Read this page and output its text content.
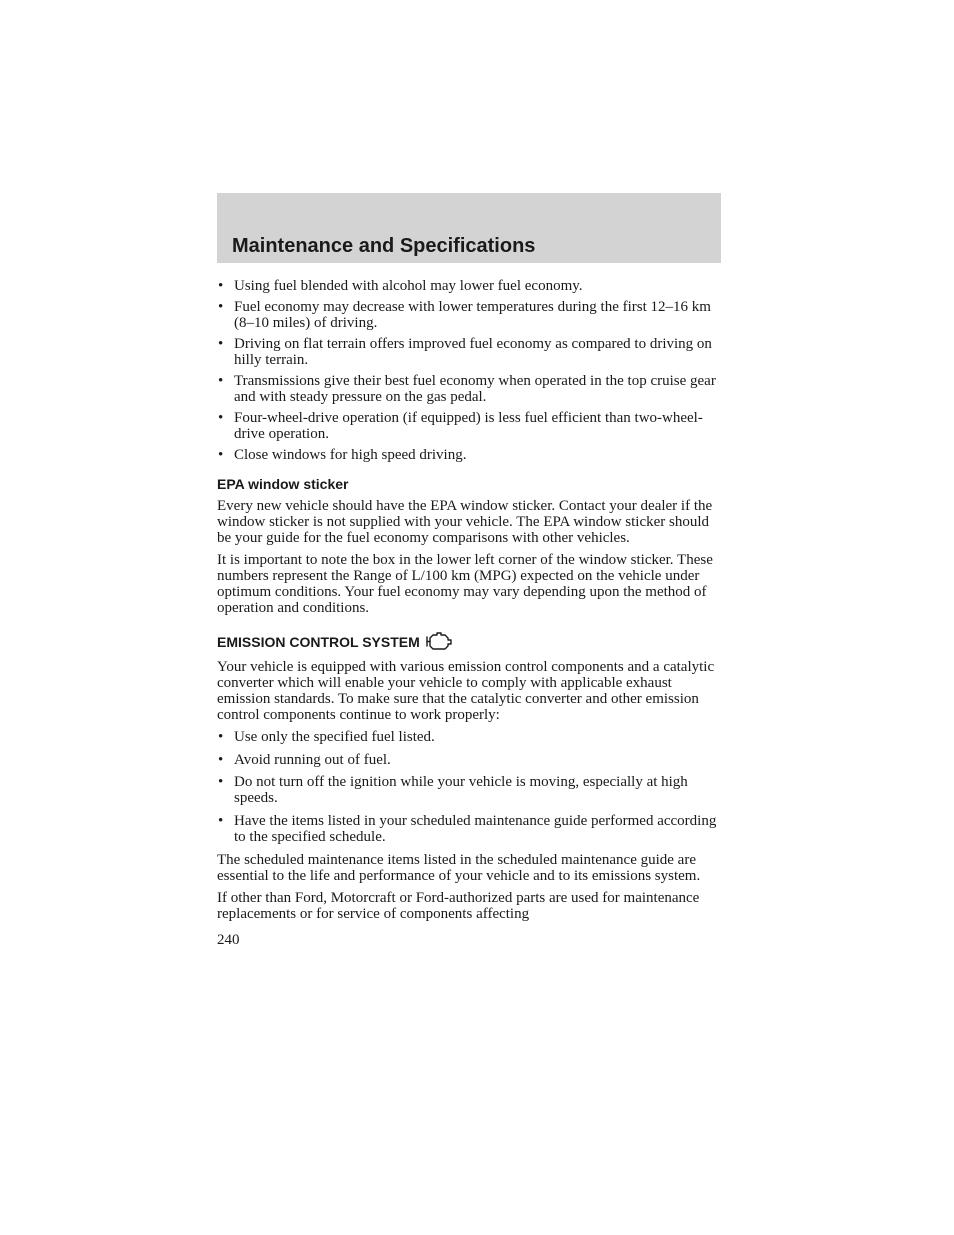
Maintenance and Specifications
• Using fuel blended with alcohol may lower fuel economy.
• Fuel economy may decrease with lower temperatures during the first 12–16 km (8–10 miles) of driving.
• Driving on flat terrain offers improved fuel economy as compared to driving on hilly terrain.
• Transmissions give their best fuel economy when operated in the top cruise gear and with steady pressure on the gas pedal.
• Four-wheel-drive operation (if equipped) is less fuel efficient than two-wheel-drive operation.
• Close windows for high speed driving.
EPA window sticker

Every new vehicle should have the EPA window sticker. Contact your dealer if the window sticker is not supplied with your vehicle. The EPA window sticker should be your guide for the fuel economy comparisons with other vehicles.

It is important to note the box in the lower left corner of the window sticker. These numbers represent the Range of L/100 km (MPG) expected on the vehicle under optimum conditions. Your fuel economy may vary depending upon the method of operation and conditions.

EMISSION CONTROL SYSTEM

Your vehicle is equipped with various emission control components and a catalytic converter which will enable your vehicle to comply with applicable exhaust emission standards. To make sure that the catalytic converter and other emission control components continue to work properly:

• Use only the specified fuel listed.
• Avoid running out of fuel.
• Do not turn off the ignition while your vehicle is moving, especially at high speeds.
• Have the items listed in your scheduled maintenance guide performed according to the specified schedule.

The scheduled maintenance items listed in the scheduled maintenance guide are essential to the life and performance of your vehicle and to its emissions system.

If other than Ford, Motorcraft or Ford-authorized parts are used for maintenance replacements or for service of components affecting

240
